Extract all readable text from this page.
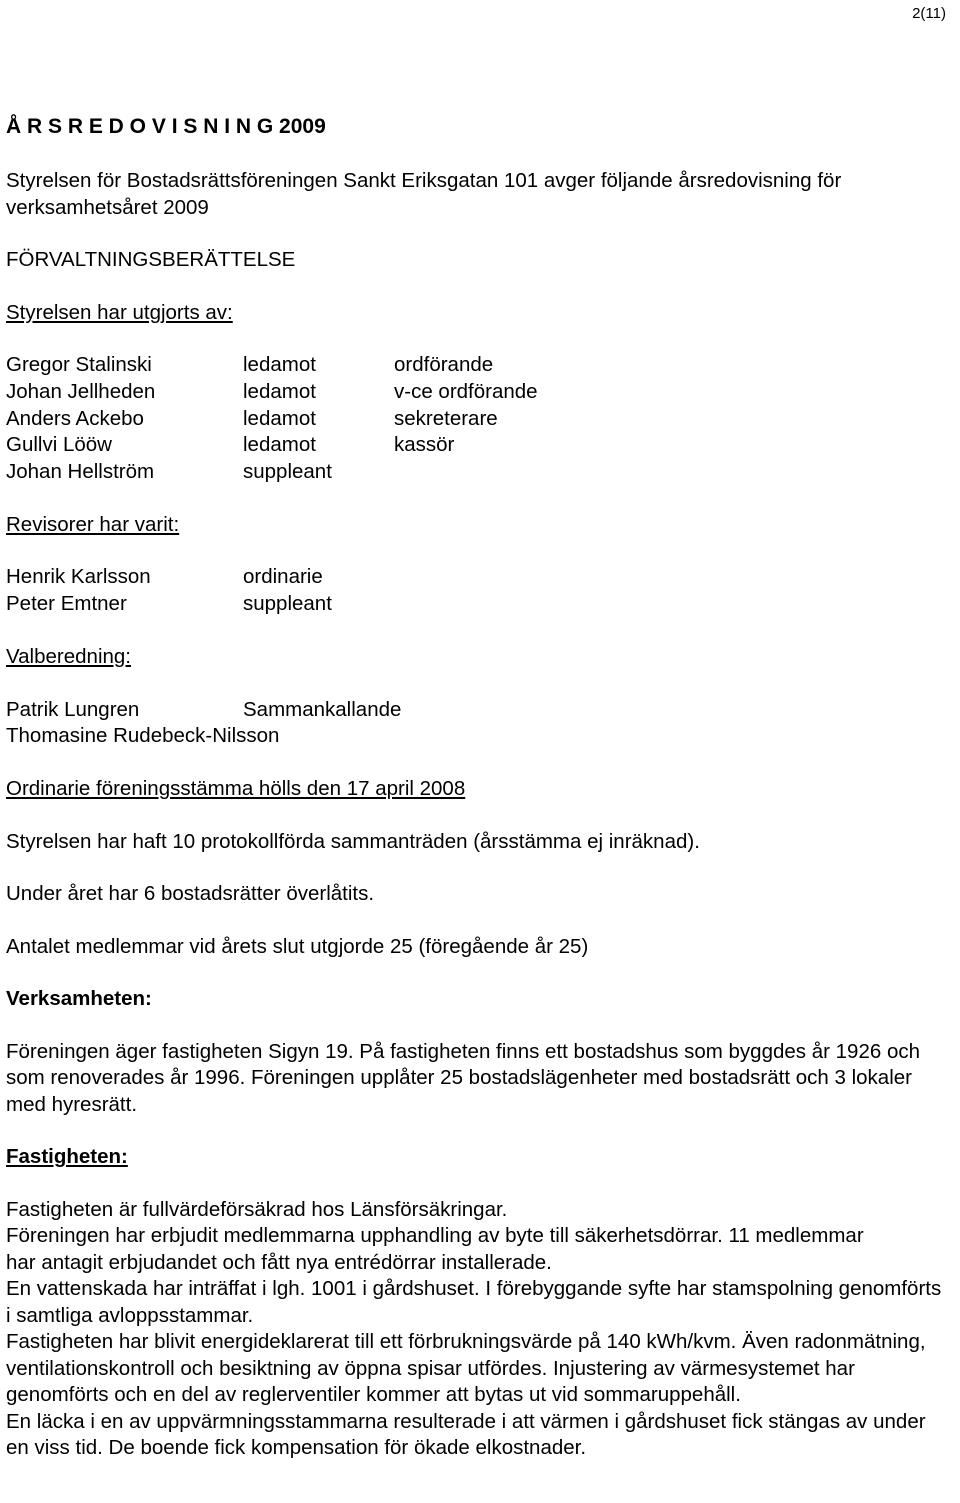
2(11)
Å R S R E D O V I S N I N G 2009

Styrelsen för Bostadsrättsföreningen Sankt Eriksgatan 101 avger följande årsredovisning för verksamhetsåret 2009

FÖRVALTNINGSBERÄTTELSE

Styrelsen har utgjorts av:

Gregor Stalinski	ledamot	ordförande
Johan Jellheden	ledamot	v-ce ordförande
Anders Ackebo	ledamot	sekreterare
Gullvi Lööw	ledamot	kassör
Johan Hellström	suppleant

Revisorer har varit:

Henrik Karlsson	ordinarie
Peter Emtner	suppleant

Valberedning:

Patrik Lungren	Sammankallande
Thomasine Rudebeck-Nilsson

Ordinarie föreningsstämma hölls den 17 april 2008

Styrelsen har haft 10 protokollförda sammanträden (årsstämma ej inräknad).

Under året har 6 bostadsrätter överlåtits.

Antalet medlemmar vid årets slut utgjorde 25 (föregående år 25)

Verksamheten:

Föreningen äger fastigheten Sigyn 19. På fastigheten finns ett bostadshus som byggdes år 1926 och som renoverades år 1996. Föreningen upplåter 25 bostadslägenheter med bostadsrätt och 3 lokaler med hyresrätt.

Fastigheten:

Fastigheten är fullvärdeförsäkrad hos Länsförsäkringar.

Föreningen har erbjudit medlemmarna upphandling av byte till säkerhetsdörrar. 11 medlemmar har antagit erbjudandet och fått nya entrédörrar installerade.

En vattenskada har inträffat i lgh. 1001 i gårdshuset. I förebyggande syfte har stamspolning genomförts i samtliga avloppsstammar.

Fastigheten har blivit energideklarerat till ett förbrukningsvärde på 140 kWh/kvm. Även radonmätning, ventilationskontroll och besiktning av öppna spisar utfördes. Injustering av värmesystemet har genomförts och en del av reglerventiler kommer att bytas ut vid sommaruppehåll.

En läcka i en av uppvärmningsstammarna resulterade i att värmen i gårdshuset fick stängas av under en viss tid. De boende fick kompensation för ökade elkostnader.
